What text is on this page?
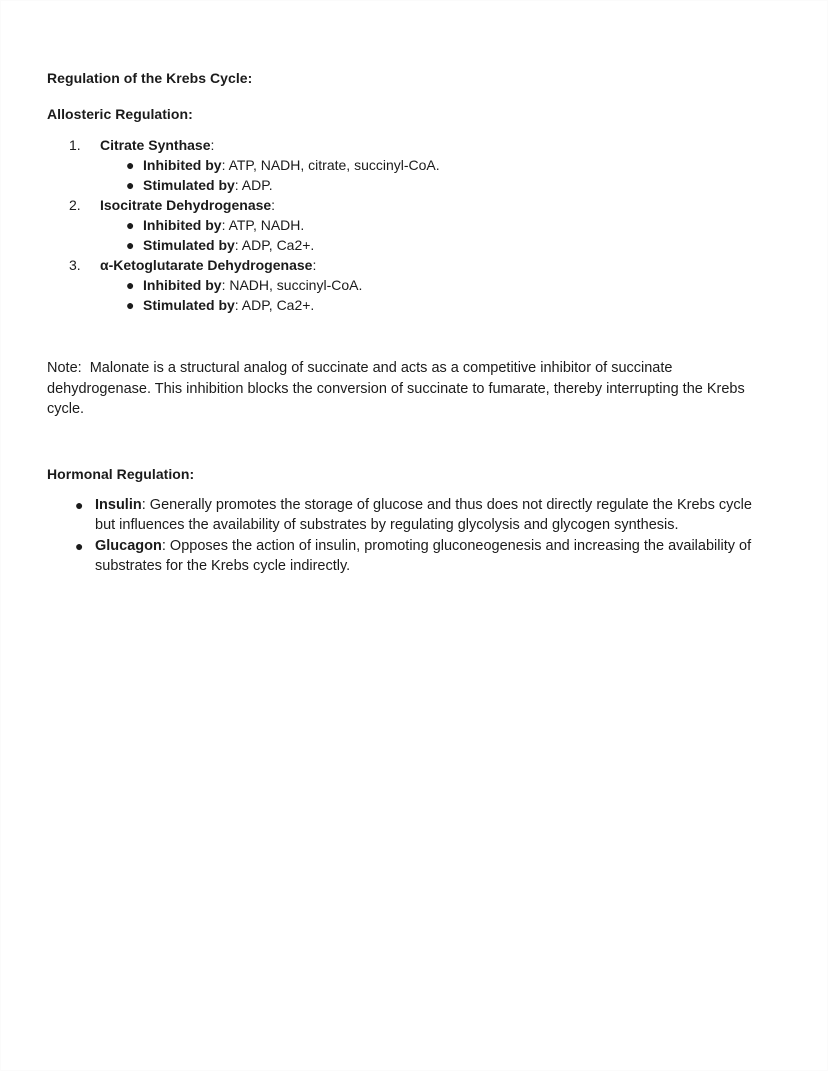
Regulation of the Krebs Cycle:
Allosteric Regulation:
1.	Citrate Synthase:
● Inhibited by: ATP, NADH, citrate, succinyl-CoA.
● Stimulated by: ADP.
2.	Isocitrate Dehydrogenase:
● Inhibited by: ATP, NADH.
● Stimulated by: ADP, Ca2+.
3.	α-Ketoglutarate Dehydrogenase:
● Inhibited by: NADH, succinyl-CoA.
● Stimulated by: ADP, Ca2+.

Note:  Malonate is a structural analog of succinate and acts as a competitive inhibitor of succinate dehydrogenase. This inhibition blocks the conversion of succinate to fumarate, thereby interrupting the Krebs cycle.

Hormonal Regulation:
● Insulin: Generally promotes the storage of glucose and thus does not directly regulate the Krebs cycle but influences the availability of substrates by regulating glycolysis and glycogen synthesis.
● Glucagon: Opposes the action of insulin, promoting gluconeogenesis and increasing the availability of substrates for the Krebs cycle indirectly.
